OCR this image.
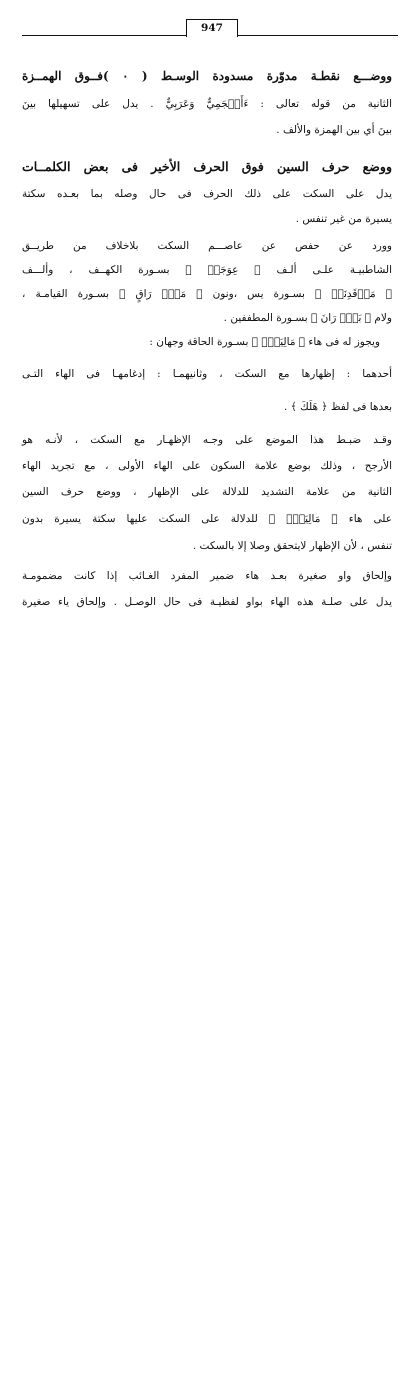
947
ووضـــع نقطـة مدوّرة مسدودة الوسـط ( ۰ )فــوق الهمــزة
الثانية من قوله تعالى : ءَأَعۡجَمِيٌّ وَعَرَبِيٌّ . يدل على تسهيلها بينَ
بينَ أي بين الهمزة والألف .
ووضع حرف السين فوق الحرف الأخير فى بعض الكلمــات
يدل على السكت على ذلك الحرف فى حال وصله بما بعـده سكتة
يسيرة من غير تنفس .
وورد عن حفص عن عاصـــم السكت بلاخلاف من طريــق
الشاطبيـة علـى ألـف ﴿ عِوَجَاۜ ﴾ بسـورة الكهــف ، وألـــف
﴿ مَرۡقَدِنَاۜ ﴾ بسـورة يس ،ونون ﴿ مَنۡۜ رَاقٍ ﴾ بسـورة القيامـة ،
ولام ﴿ بَلۡۜ رَانَ ﴾ بسـورة المطففين .
ويجوز له فى هاء ﴿ مَالِيَهۡۜ ﴾ بسـورة الحاقة وجهان :
أحدهما : إظهارها مع السكت ، وثانيهمـا : إدغامهـا فى الهاء التـى
بعدها فى لفظ ﴿ هَلَكَ ﴾ .
وقـد ضبـط هذا الموضع على وجـه الإظهـار مع السكت ، لأنـه هو
الأرجح ، وذلك بوضع علامة السكون على الهاء الأولى ، مع تجريد الهاء
الثانية من علامة التشديد للدلالة على الإظهار ، ووضع حرف السين
على هاء ﴿ مَالِيَهۡۜ ﴾ للدلالة على السكت عليها سكتة يسيرة بدون
تنفس ، لأن الإظهار لايتحقق وصلا إلا بالسكت .
وإلحاق واو صغيرة بعـد هاء ضمير المفرد الغـائب إذا كانت مضمومـة
يدل على صلـة هذه الهاء بواو لفظيـة فى حال الوصـل . وإلحاق ياء صغيرة
